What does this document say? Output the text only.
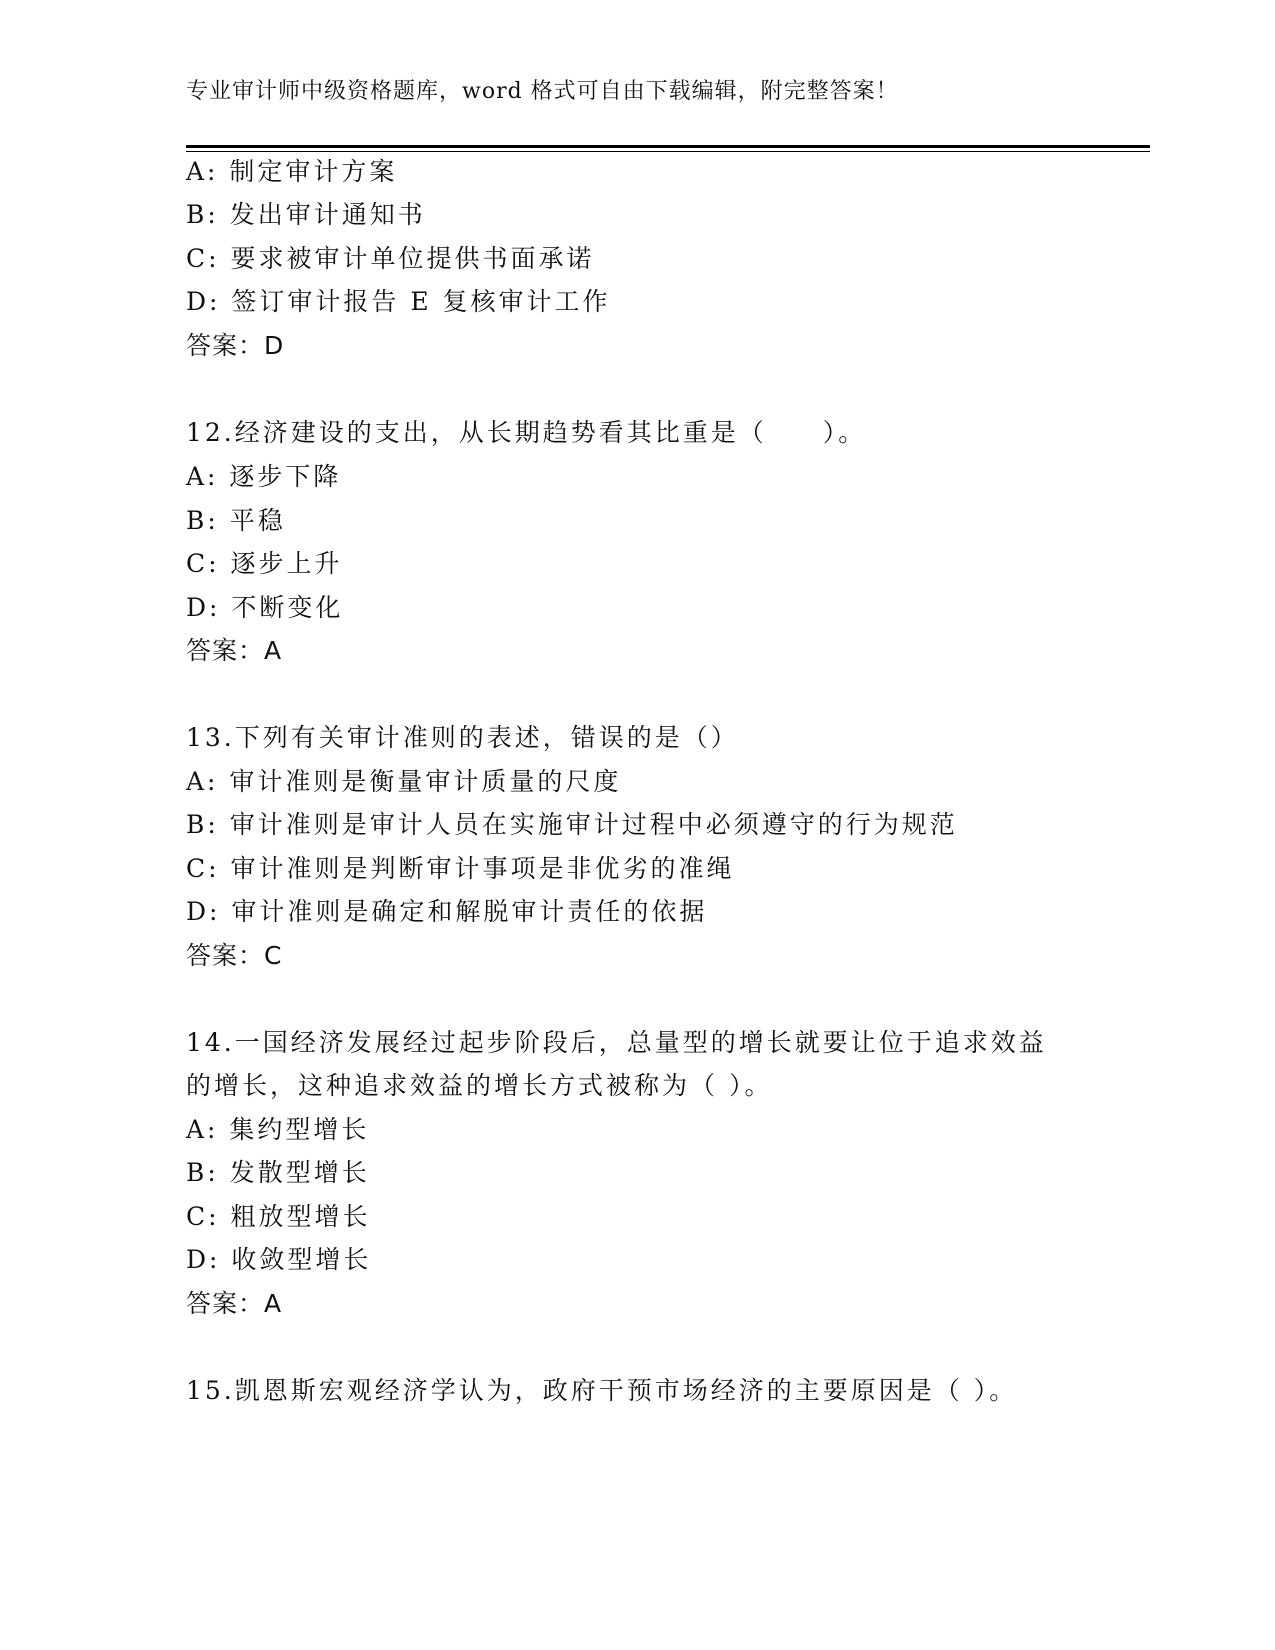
专业审计师中级资格题库，word 格式可自由下载编辑，附完整答案！
A: 制定审计方案
B: 发出审计通知书
C: 要求被审计单位提供书面承诺
D: 签订审计报告 E 复核审计工作
答案：D
12.经济建设的支出，从长期趋势看其比重是（　　）。
A: 逐步下降
B: 平稳
C: 逐步上升
D: 不断变化
答案：A
13.下列有关审计准则的表述，错误的是（）
A: 审计准则是衡量审计质量的尺度
B: 审计准则是审计人员在实施审计过程中必须遵守的行为规范
C: 审计准则是判断审计事项是非优劣的准绳
D: 审计准则是确定和解脱审计责任的依据
答案：C
14.一国经济发展经过起步阶段后，总量型的增长就要让位于追求效益
的增长，这种追求效益的增长方式被称为（ ）。
A: 集约型增长
B: 发散型增长
C: 粗放型增长
D: 收敛型增长
答案：A
15.凯恩斯宏观经济学认为，政府干预市场经济的主要原因是（ ）。
